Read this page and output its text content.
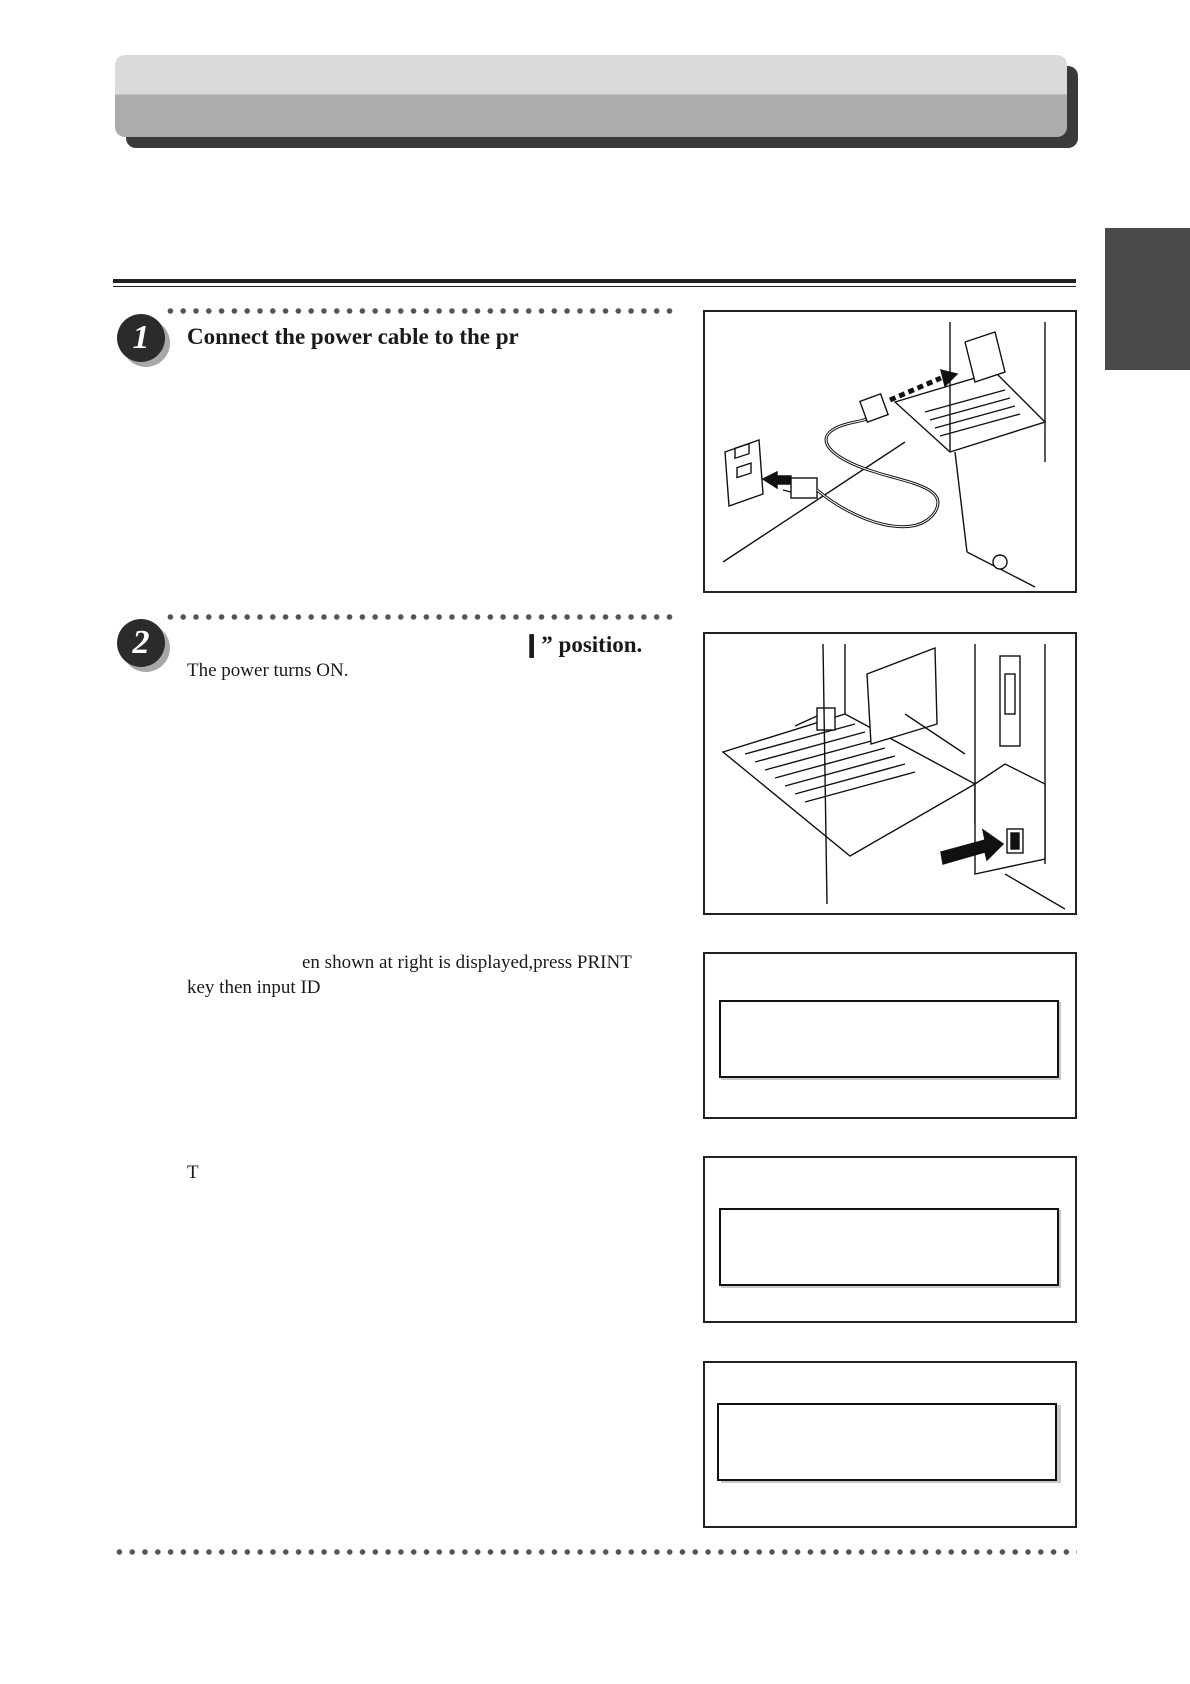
1	Connect the power cable to the pr
2	❙” position.
The power turns ON.
en shown at right is displayed,press PRINT
key then input ID
T
